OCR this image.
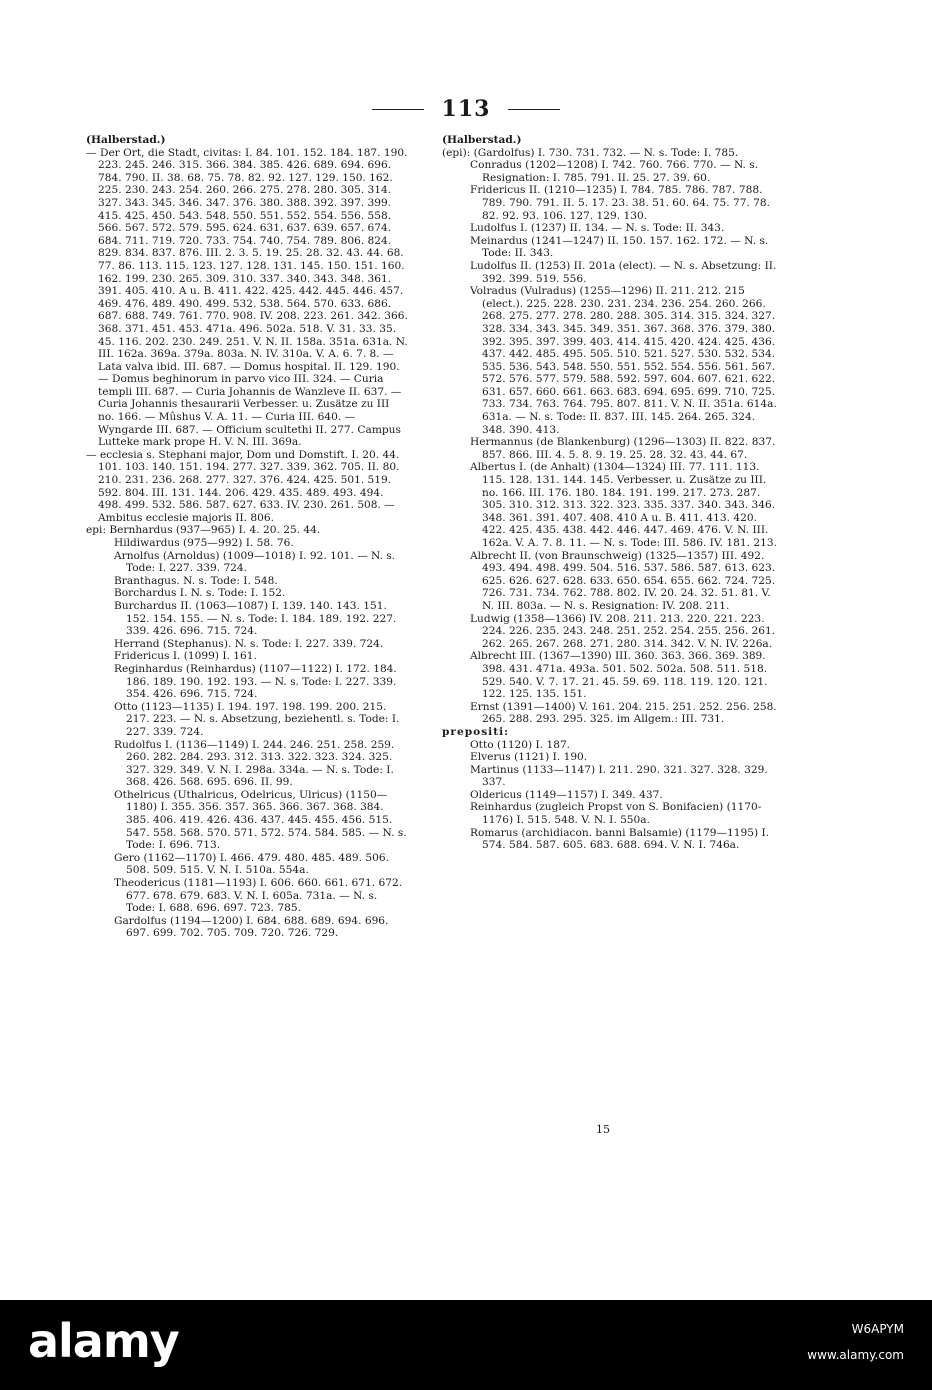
113

(Halberstad.)

— Der Ort, die Stadt, civitas: I. 84. 101. 152. 184. 187. 190. 223. 245. 246. 315. 366. 384. 385. 426. 689. 694. 696. 784. 790. II. 38. 68. 75. 78. 82. 92. 127. 129. 150. 162. 225. 230. 243. 254. 260. 266. 275. 278. 280. 305. 314. 327. 343. 345. 346. 347. 376. 380. 388. 392. 397. 399. 415. 425. 450. 543. 548. 550. 551. 552. 554. 556. 558. 566. 567. 572. 579. 595. 624. 631. 637. 639. 657. 674. 684. 711. 719. 720. 733. 754. 740. 754. 789. 806. 824. 829. 834. 837. 876. III. 2. 3. 5. 19. 25. 28. 32. 43. 44. 68. 77. 86. 113. 115. 123. 127. 128. 131. 145. 150. 151. 160. 162. 199. 230. 265. 309. 310. 337. 340. 343. 348. 361. 391. 405. 410. A u. B. 411. 422. 425. 442. 445. 446. 457. 469. 476. 489. 490. 499. 532. 538. 564. 570. 633. 686. 687. 688. 749. 761. 770. 908. IV. 208. 223. 261. 342. 366. 368. 371. 451. 453. 471a. 496. 502a. 518. V. 31. 33. 35. 45. 116. 202. 230. 249. 251. V. N. II. 158a. 351a. 631a. N. III. 162a. 369a. 379a. 803a. N. IV. 310a. V. A. 6. 7. 8. — Lata valva ibid. III. 687. — Domus hospital. II. 129. 190. — Domus beghinorum in parvo vico III. 324. — Curia templi III. 687. — Curia Johannis de Wanzleve II. 637. — Curia Johannis thesaurarii Verbesser. u. Zusätze zu III no. 166. — Mûshus V. A. 11. — Curia III. 640. — Wyngarde III. 687. — Officium scultethi II. 277. Campus Lutteke mark prope H. V. N. III. 369a.

— ecclesia s. Stephani major, Dom und Domstift. I. 20. 44. 101. 103. 140. 151. 194. 277. 327. 339. 362. 705. II. 80. 210. 231. 236. 268. 277. 327. 376. 424. 425. 501. 519. 592. 804. III. 131. 144. 206. 429. 435. 489. 493. 494. 498. 499. 532. 586. 587. 627. 633. IV. 230. 261. 508. — Ambitus ecclesie majoris II. 806.

epi: Bernhardus (937—965) I. 4. 20. 25. 44.

Hildiwardus (975—992) I. 58. 76.

Arnolfus (Arnoldus) (1009—1018) I. 92. 101. — N. s. Tode: I. 227. 339. 724.

Branthagus. N. s. Tode: I. 548.

Borchardus I. N. s. Tode: I. 152.

Burchardus II. (1063—1087) I. 139. 140. 143. 151. 152. 154. 155. — N. s. Tode: I. 184. 189. 192. 227. 339. 426. 696. 715. 724.

Herrand (Stephanus). N. s. Tode: I. 227. 339. 724.

Fridericus I. (1099) I. 161.

Reginhardus (Reinhardus) (1107—1122) I. 172. 184. 186. 189. 190. 192. 193. — N. s. Tode: I. 227. 339. 354. 426. 696. 715. 724.

Otto (1123—1135) I. 194. 197. 198. 199. 200. 215. 217. 223. — N. s. Absetzung, beziehentl. s. Tode: I. 227. 339. 724.

Rudolfus I. (1136—1149) I. 244. 246. 251. 258. 259. 260. 282. 284. 293. 312. 313. 322. 323. 324. 325. 327. 329. 349. V. N. I. 298a. 334a. — N. s. Tode: I. 368. 426. 568. 695. 696. II. 99.

Othelricus (Uthalricus, Odelricus, Ulricus) (1150—1180) I. 355. 356. 357. 365. 366. 367. 368. 384. 385. 406. 419. 426. 436. 437. 445. 455. 456. 515. 547. 558. 568. 570. 571. 572. 574. 584. 585. — N. s. Tode: I. 696. 713.

Gero (1162—1170) I. 466. 479. 480. 485. 489. 506. 508. 509. 515. V. N. I. 510a. 554a.

Theodericus (1181—1193) I. 606. 660. 661. 671. 672. 677. 678. 679. 683. V. N. I. 605a. 731a. — N. s. Tode: I. 688. 696. 697. 723. 785.

Gardolfus (1194—1200) I. 684. 688. 689. 694. 696. 697. 699. 702. 705. 709. 720. 726. 729.

(Halberstad.)

(epi): (Gardolfus) I. 730. 731. 732. — N. s. Tode: I. 785.

Conradus (1202—1208) I. 742. 760. 766. 770. — N. s. Resignation: I. 785. 791. II. 25. 27. 39. 60.

Fridericus II. (1210—1235) I. 784. 785. 786. 787. 788. 789. 790. 791. II. 5. 17. 23. 38. 51. 60. 64. 75. 77. 78. 82. 92. 93. 106. 127. 129. 130.

Ludolfus I. (1237) II. 134. — N. s. Tode: II. 343.

Meinardus (1241—1247) II. 150. 157. 162. 172. — N. s. Tode: II. 343.

Ludolfus II. (1253) II. 201a (elect). — N. s. Absetzung: II. 392. 399. 519. 556.

Volradus (Vulradus) (1255—1296) II. 211. 212. 215 (elect.). 225. 228. 230. 231. 234. 236. 254. 260. 266. 268. 275. 277. 278. 280. 288. 305. 314. 315. 324. 327. 328. 334. 343. 345. 349. 351. 367. 368. 376. 379. 380. 392. 395. 397. 399. 403. 414. 415. 420. 424. 425. 436. 437. 442. 485. 495. 505. 510. 521. 527. 530. 532. 534. 535. 536. 543. 548. 550. 551. 552. 554. 556. 561. 567. 572. 576. 577. 579. 588. 592. 597. 604. 607. 621. 622. 631. 657. 660. 661. 663. 683. 694. 695. 699. 710. 725. 733. 734. 763. 764. 795. 807. 811. V. N. II. 351a. 614a. 631a. — N. s. Tode: II. 837. III. 145. 264. 265. 324. 348. 390. 413.

Hermannus (de Blankenburg) (1296—1303) II. 822. 837. 857. 866. III. 4. 5. 8. 9. 19. 25. 28. 32. 43. 44. 67.

Albertus I. (de Anhalt) (1304—1324) III. 77. 111. 113. 115. 128. 131. 144. 145. Verbesser. u. Zusätze zu III. no. 166. III. 176. 180. 184. 191. 199. 217. 273. 287. 305. 310. 312. 313. 322. 323. 335. 337. 340. 343. 346. 348. 361. 391. 407. 408. 410 A u. B. 411. 413. 420. 422. 425. 435. 438. 442. 446. 447. 469. 476. V. N. III. 162a. V. A. 7. 8. 11. — N. s. Tode: III. 586. IV. 181. 213.

Albrecht II. (von Braunschweig) (1325—1357) III. 492. 493. 494. 498. 499. 504. 516. 537. 586. 587. 613. 623. 625. 626. 627. 628. 633. 650. 654. 655. 662. 724. 725. 726. 731. 734. 762. 788. 802. IV. 20. 24. 32. 51. 81. V. N. III. 803a. — N. s. Resignation: IV. 208. 211.

Ludwig (1358—1366) IV. 208. 211. 213. 220. 221. 223. 224. 226. 235. 243. 248. 251. 252. 254. 255. 256. 261. 262. 265. 267. 268. 271. 280. 314. 342. V. N. IV. 226a.

Albrecht III. (1367—1390) III. 360. 363. 366. 369. 389. 398. 431. 471a. 493a. 501. 502. 502a. 508. 511. 518. 529. 540. V. 7. 17. 21. 45. 59. 69. 118. 119. 120. 121. 122. 125. 135. 151.

Ernst (1391—1400) V. 161. 204. 215. 251. 252. 256. 258. 265. 288. 293. 295. 325. im Allgem.: III. 731.

prepositi:

Otto (1120) I. 187.

Elverus (1121) I. 190.

Martinus (1133—1147) I. 211. 290. 321. 327. 328. 329. 337.

Oldericus (1149—1157) I. 349. 437.

Reinhardus (zugleich Propst von S. Bonifacien) (1170-1176) I. 515. 548. V. N. I. 550a.

Romarus (archidiacon. banni Balsamie) (1179—1195) I. 574. 584. 587. 605. 683. 688. 694. V. N. I. 746a.

15
alamy	W6APYM
www.alamy.com
